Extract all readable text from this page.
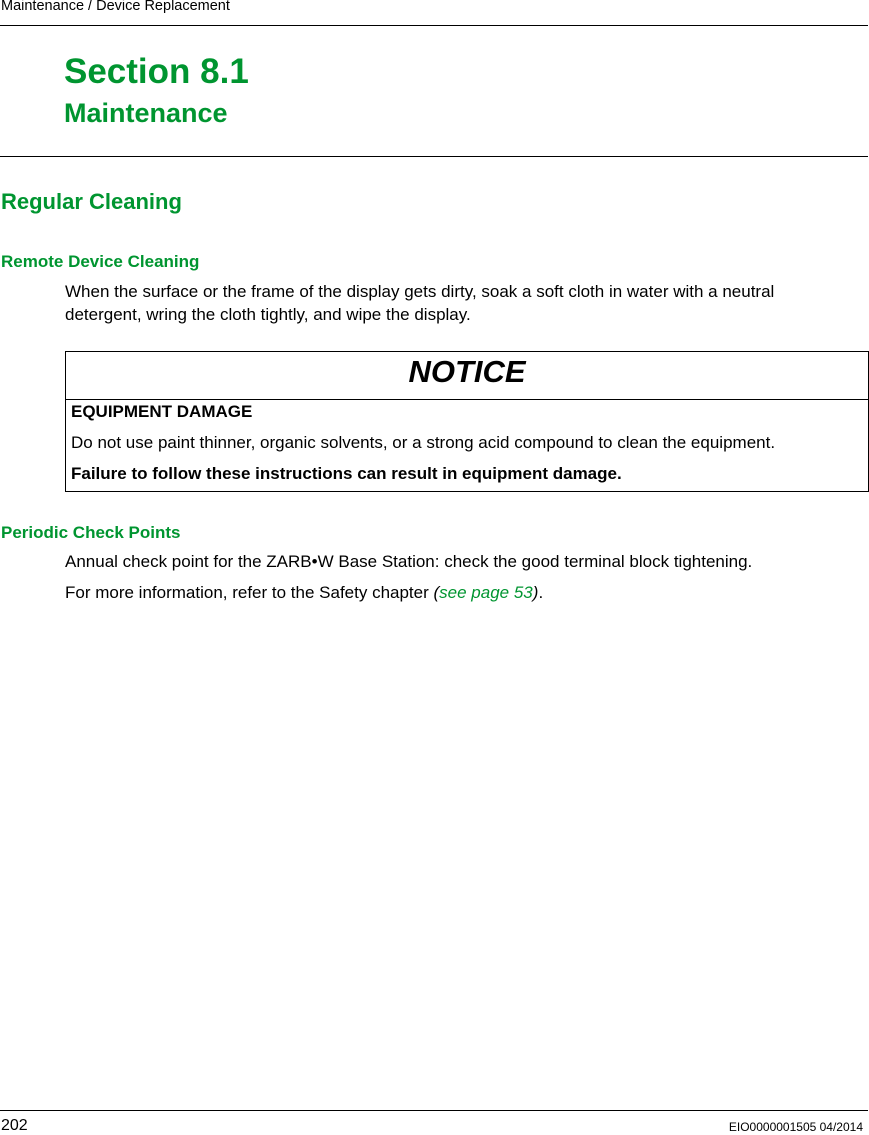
Maintenance / Device Replacement
Section 8.1
Maintenance
Regular Cleaning
Remote Device Cleaning

When the surface or the frame of the display gets dirty, soak a soft cloth in water with a neutral

detergent, wring the cloth tightly, and wipe the display.

NOTICE

EQUIPMENT DAMAGE

Do not use paint thinner, organic solvents, or a strong acid compound to clean the equipment.

Failure to follow these instructions can result in equipment damage.

Periodic Check Points

Annual check point for the ZARB•W Base Station: check the good terminal block tightening.

For more information, refer to the Safety chapter (see page 53).

202	EIO0000001505 04/2014
